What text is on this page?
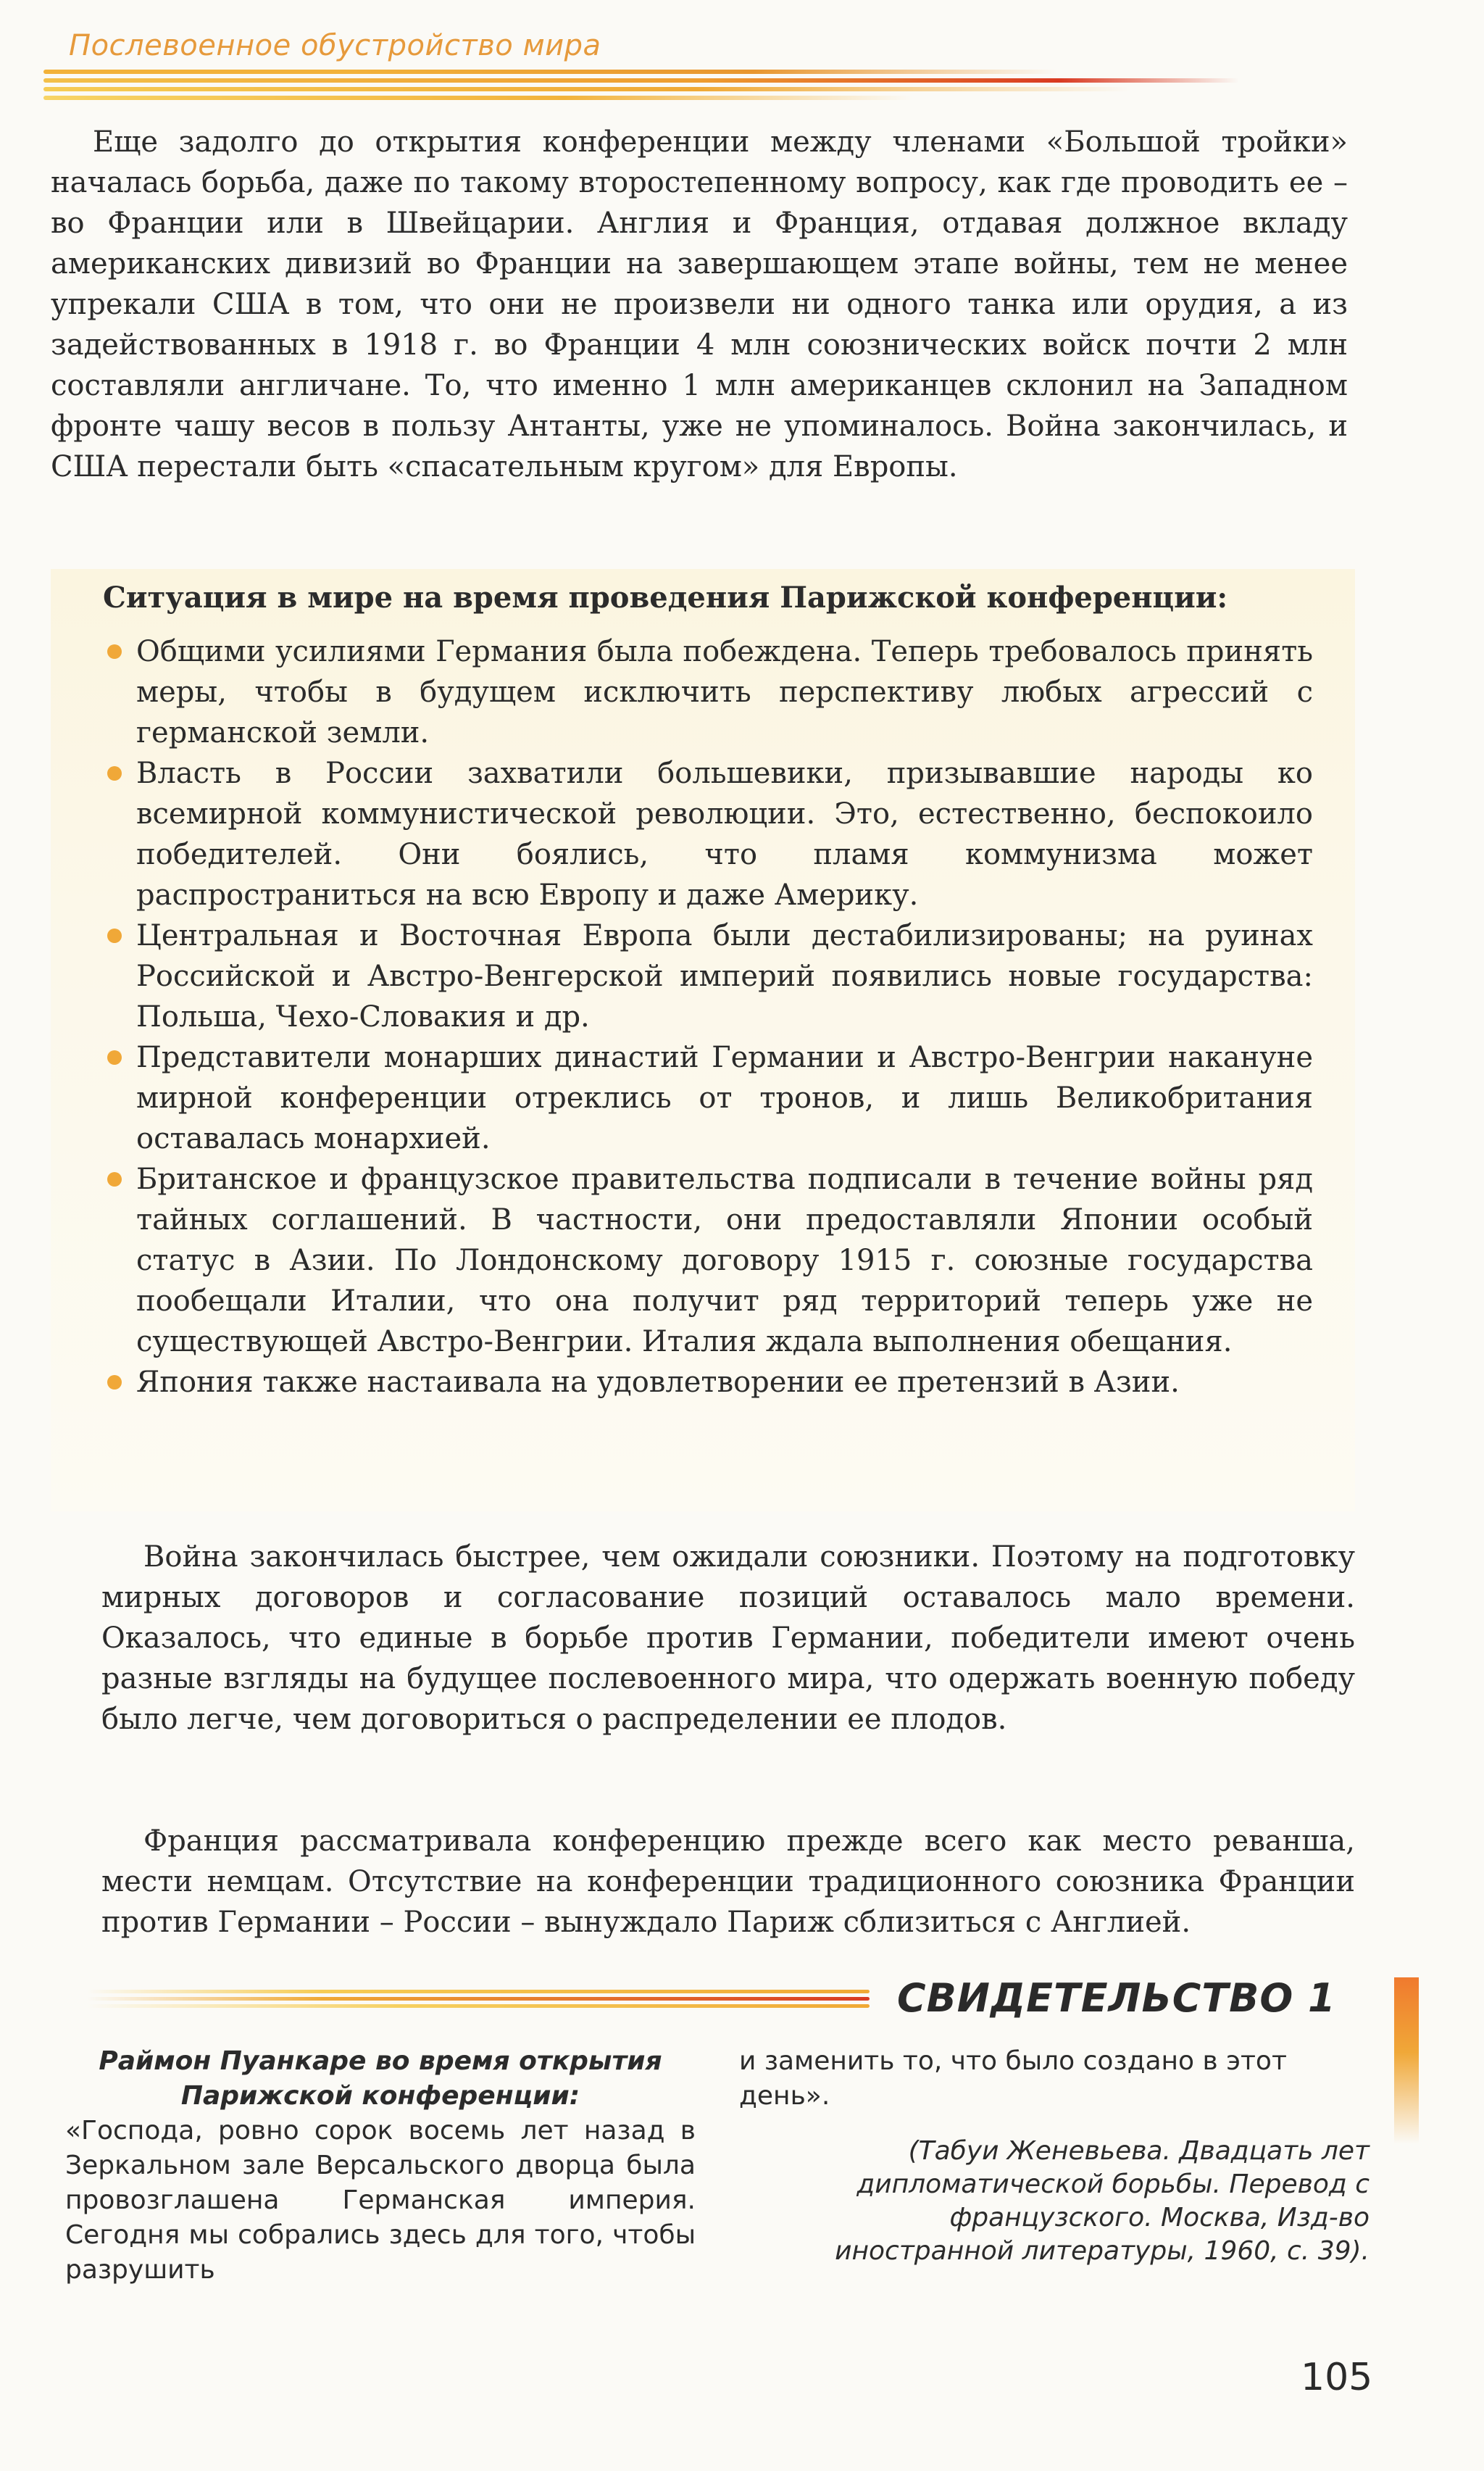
Послевоенное обустройство мира

Еще задолго до открытия конференции между членами «Большой тройки» началась борьба, даже по такому второстепенному вопросу, как где проводить ее – во Франции или в Швейцарии. Англия и Франция, отдавая должное вкладу американских дивизий во Франции на завершающем этапе войны, тем не менее упрекали США в том, что они не произвели ни одного танка или орудия, а из задействованных в 1918 г. во Франции 4 млн союзнических войск почти 2 млн составляли англичане. То, что именно 1 млн американцев склонил на Западном фронте чашу весов в пользу Антанты, уже не упоминалось. Война закончилась, и США перестали быть «спасательным кругом» для Европы.

Ситуация в мире на время проведения Парижской конференции:

Общими усилиями Германия была побеждена. Теперь требовалось принять меры, чтобы в будущем исключить перспективу любых агрессий с германской земли.
Власть в России захватили большевики, призывавшие народы ко всемирной коммунистической революции. Это, естественно, беспокоило победителей. Они боялись, что пламя коммунизма может распространиться на всю Европу и даже Америку.
Центральная и Восточная Европа были дестабилизированы; на руинах Российской и Австро-Венгерской империй появились новые государства: Польша, Чехо-Словакия и др.
Представители монарших династий Германии и Австро-Венгрии накануне мирной конференции отреклись от тронов, и лишь Великобритания оставалась монархией.
Британское и французское правительства подписали в течение войны ряд тайных соглашений. В частности, они предоставляли Японии особый статус в Азии. По Лондонскому договору 1915 г. союзные государства пообещали Италии, что она получит ряд территорий теперь уже не существующей Австро-Венгрии. Италия ждала выполнения обещания.
Япония также настаивала на удовлетворении ее претензий в Азии.

Война закончилась быстрее, чем ожидали союзники. Поэтому на подготовку мирных договоров и согласование позиций оставалось мало времени. Оказалось, что единые в борьбе против Германии, победители имеют очень разные взгляды на будущее послевоенного мира, что одержать военную победу было легче, чем договориться о распределении ее плодов.

Франция рассматривала конференцию прежде всего как место реванша, мести немцам. Отсутствие на конференции традиционного союзника Франции против Германии – России – вынуждало Париж сблизиться с Англией.

СВИДЕТЕЛЬСТВО 1
Раймон Пуанкаре во время открытия Парижской конференции:
«Господа, ровно сорок восемь лет назад в Зеркальном зале Версальского дворца была провозглашена Германская империя. Сегодня мы собрались здесь для того, чтобы разрушить
и заменить то, что было создано в этот день».

(Табуи Женевьева. Двадцать лет дипломатической борьбы. Перевод с французского. Москва, Изд-во иностранной литературы, 1960, с. 39).

105
